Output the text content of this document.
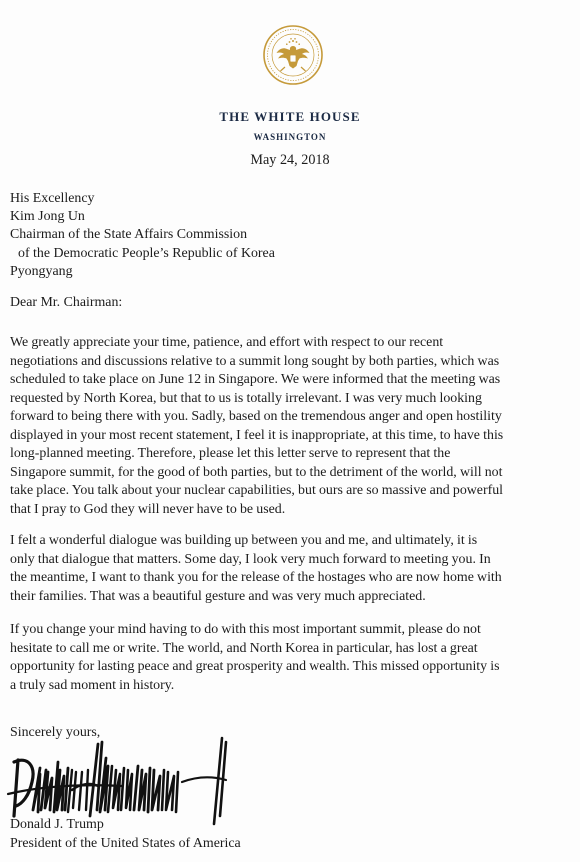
THE WHITE HOUSE
WASHINGTON
May 24, 2018
His Excellency
Kim Jong Un
Chairman of the State Affairs Commission
of the Democratic People’s Republic of Korea
Pyongyang
Dear Mr. Chairman:
We greatly appreciate your time, patience, and effort with respect to our recent
negotiations and discussions relative to a summit long sought by both parties, which was
scheduled to take place on June 12 in Singapore. We were informed that the meeting was
requested by North Korea, but that to us is totally irrelevant. I was very much looking
forward to being there with you. Sadly, based on the tremendous anger and open hostility
displayed in your most recent statement, I feel it is inappropriate, at this time, to have this
long-planned meeting. Therefore, please let this letter serve to represent that the
Singapore summit, for the good of both parties, but to the detriment of the world, will not
take place. You talk about your nuclear capabilities, but ours are so massive and powerful
that I pray to God they will never have to be used.
I felt a wonderful dialogue was building up between you and me, and ultimately, it is
only that dialogue that matters. Some day, I look very much forward to meeting you. In
the meantime, I want to thank you for the release of the hostages who are now home with
their families. That was a beautiful gesture and was very much appreciated.
If you change your mind having to do with this most important summit, please do not
hesitate to call me or write. The world, and North Korea in particular, has lost a great
opportunity for lasting peace and great prosperity and wealth. This missed opportunity is
a truly sad moment in history.
Sincerely yours,
Donald J. Trump
President of the United States of America
